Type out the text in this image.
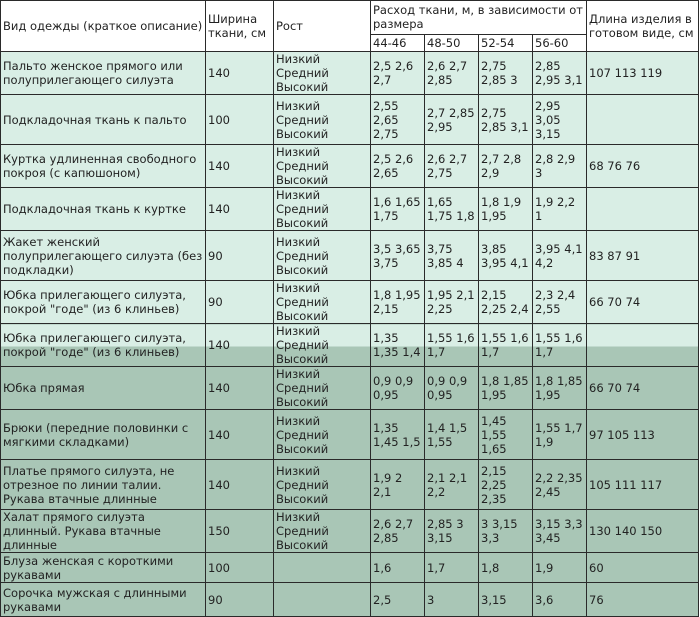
Вид одежды (краткое описание)	Ширина ткани, см	Рост	Расход ткани, м, в зависимости от размера				Длина изделия в готовом виде, см
			44-46	48-50	52-54	56-60	
Пальто женское прямого или полуприлегающего силуэта	140	Низкий Средний Высокий	2,5 2,6 2,7	2,6 2,7 2,85	2,75 2,85 3	2,85 2,95 3,1	107 113 119
Подкладочная ткань к пальто	100	Низкий Средний Высокий	2,55 2,65 2,75	2,7 2,85 2,95	2,75 2,85 3,1	2,95 3,05 3,15	
Куртка удлиненная свободного покроя (с капюшоном)	140	Низкий Средний Высокий	2,5 2,6 2,65	2,6 2,7 2,75	2,7 2,8 2,9	2,8 2,9 3	68 76 76
Подкладочная ткань к куртке	140	Низкий Средний Высокий	1,6 1,65 1,75	1,65 1,75 1,8	1,8 1,9 1,95	1,9 2,2 1	
Жакет женский полуприлегающего силуэта (без подкладки)	90	Низкий Средний Высокий	3,5 3,65 3,75	3,75 3,85 4	3,85 3,95 4,1	3,95 4,1 4,2	83 87 91
Юбка прилегающего силуэта, покрой "годе" (из 6 клиньев)	90	Низкий Средний Высокий	1,8 1,95 2,15	1,95 2,1 2,25	2,15 2,25 2,4	2,3 2,4 2,55	66 70 74
Юбка прилегающего силуэта, покрой "годе" (из 6 клиньев)	140	Низкий Средний Высокий	1,35 1,35 1,4	1,55 1,6 1,7	1,55 1,6 1,7	1,55 1,6 1,7	
Юбка прямая	140	Низкий Средний Высокий	0,9 0,9 0,95	0,9 0,9 0,95	1,8 1,85 1,95	1,8 1,85 1,95	66 70 74
Брюки (передние половинки с мягкими складками)	140	Низкий Средний Высокий	1,35 1,45 1,5	1,4 1,5 1,55	1,45 1,55 1,65	1,55 1,7 1,9	97 105 113
Платье прямого силуэта, не отрезное по линии талии. Рукава втачные длинные	140	Низкий Средний Высокий	1,9 2 2,1	2,1 2,1 2,2	2,15 2,25 2,35	2,2 2,35 2,45	105 111 117
Халат прямого силуэта длинный. Рукава втачные длинные	150	Низкий Средний Высокий	2,6 2,7 2,85	2,85 3 3,15	3 3,15 3,3	3,15 3,3 3,45	130 140 150
Блуза женская с короткими рукавами	100		1,6	1,7	1,8	1,9	60
Сорочка мужская с длинными рукавами	90		2,5	3	3,15	3,6	76
